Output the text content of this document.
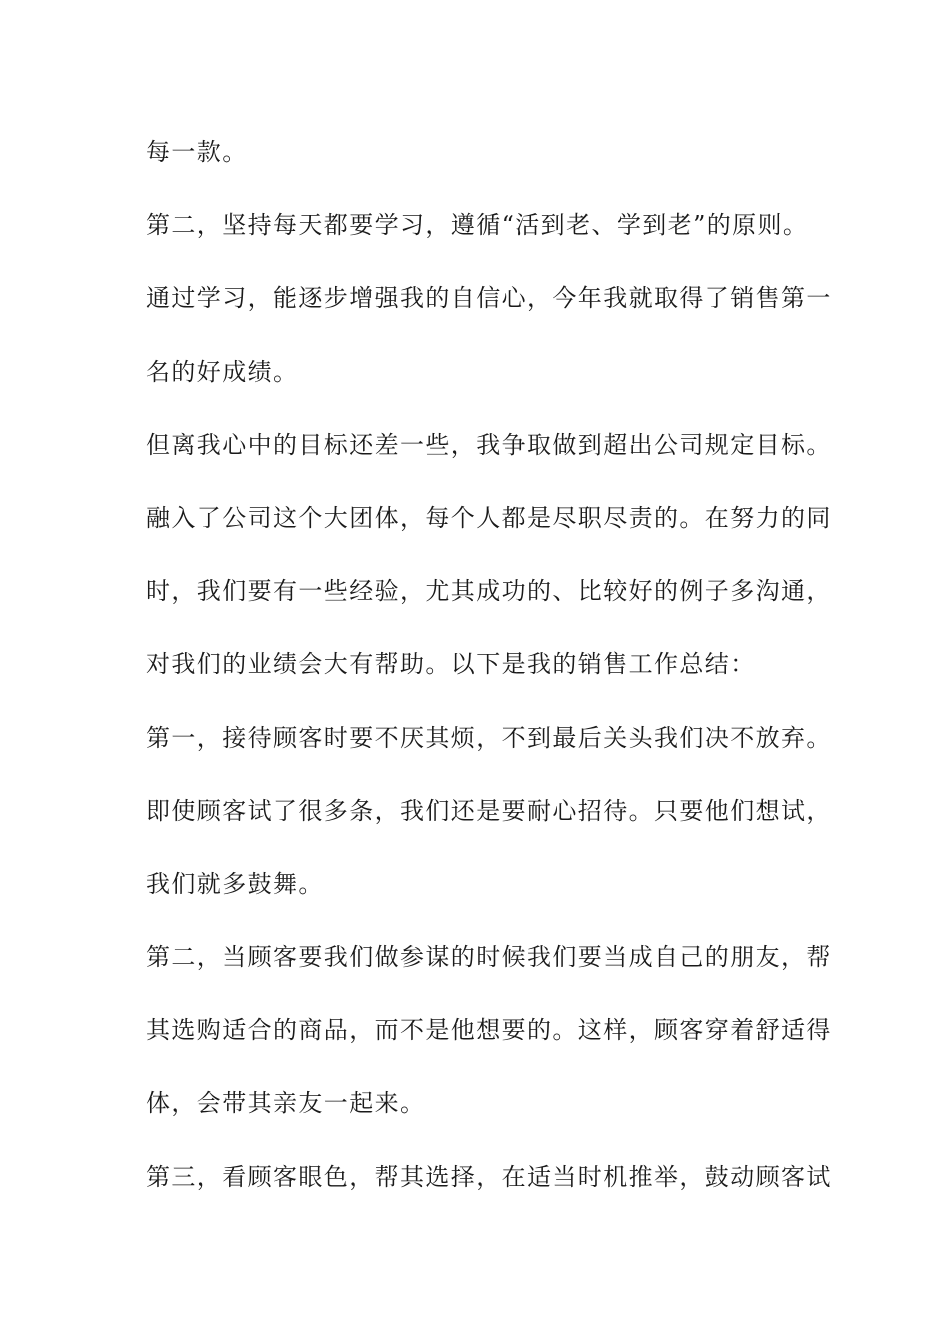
每一款。
第二，坚持每天都要学习，遵循“活到老、学到老”的原则。
通过学习，能逐步增强我的自信心，今年我就取得了销售第一
名的好成绩。
但离我心中的目标还差一些，我争取做到超出公司规定目标。
融入了公司这个大团体，每个人都是尽职尽责的。在努力的同
时，我们要有一些经验，尤其成功的、比较好的例子多沟通，
对我们的业绩会大有帮助。以下是我的销售工作总结：
第一，接待顾客时要不厌其烦，不到最后关头我们决不放弃。
即使顾客试了很多条，我们还是要耐心招待。只要他们想试，
我们就多鼓舞。
第二，当顾客要我们做参谋的时候我们要当成自己的朋友，帮
其选购适合的商品，而不是他想要的。这样，顾客穿着舒适得
体，会带其亲友一起来。
第三，看顾客眼色，帮其选择，在适当时机推举，鼓动顾客试
